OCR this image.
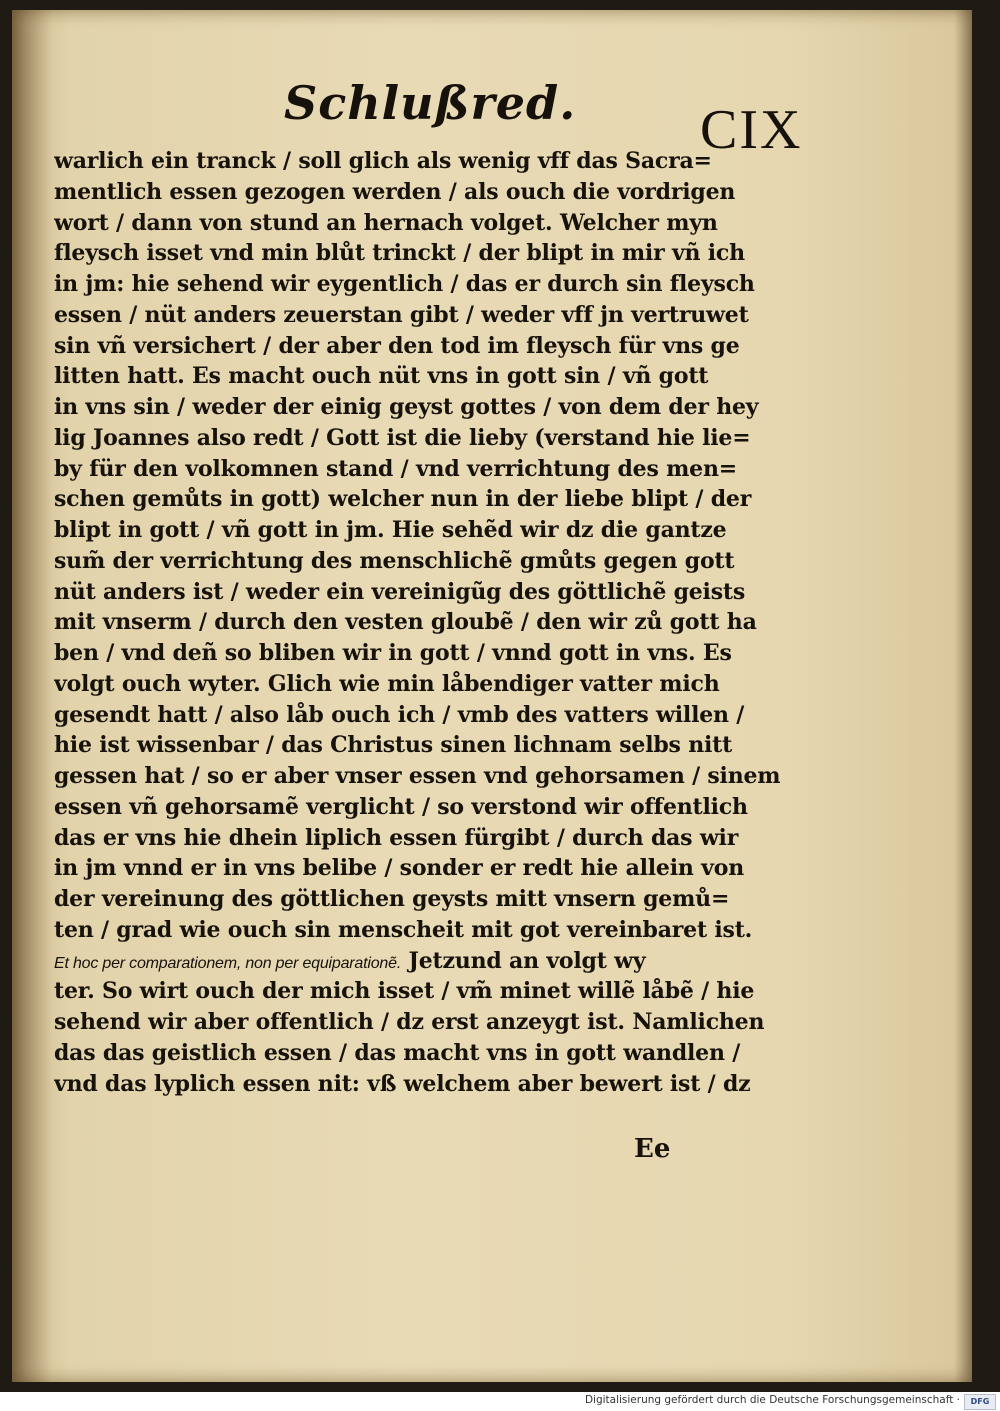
Schlußred. CIX
warlich ein tranck / soll glich als wenig vff das Sacra=
mentlich essen gezogen werden / als ouch die vordrigen
wort / dann von stund an hernach volget. Welcher myn
fleysch isset vnd min blůt trinckt / der blipt in mir vñ ich
in jm: hie sehend wir eygentlich / das er durch sin fleysch
essen / nüt anders zeuerstan gibt / weder vff jn vertruwet
sin vñ versichert / der aber den tod im fleysch für vns ge
litten hatt. Es macht ouch nüt vns in gott sin / vñ gott
in vns sin / weder der einig geyst gottes / von dem der hey
lig Joannes also redt / Gott ist die lieby (verstand hie lie=
by für den volkomnen stand / vnd verrichtung des men=
schen gemůts in gott) welcher nun in der liebe blipt / der
blipt in gott / vñ gott in jm. Hie sehẽd wir dz die gantze
sum̃ der verrichtung des menschlichẽ gmůts gegen gott
nüt anders ist / weder ein vereinigũg des göttlichẽ geists
mit vnserm / durch den vesten gloubẽ / den wir zů gott ha
ben / vnd deñ so bliben wir in gott / vnnd gott in vns. Es
volgt ouch wyter. Glich wie min låbendiger vatter mich
gesendt hatt / also låb ouch ich / vmb des vatters willen /
hie ist wissenbar / das Christus sinen lichnam selbs nitt
gessen hat / so er aber vnser essen vnd gehorsamen / sinem
essen vñ gehorsamẽ verglicht / so verstond wir offentlich
das er vns hie dhein liplich essen fürgibt / durch das wir
in jm vnnd er in vns belibe / sonder er redt hie allein von
der vereinung des göttlichen geysts mitt vnsern gemů=
ten / grad wie ouch sin menscheit mit got vereinbaret ist.
Et hoc per comparationem, non per equiparationẽ. Jetzund an volgt wy
ter. So wirt ouch der mich isset / vm̃ minet willẽ låbẽ / hie
sehend wir aber offentlich / dz erst anzeygt ist. Namlichen
das das geistlich essen / das macht vns in gott wandlen /
vnd das lyplich essen nit: vß welchem aber bewert ist / dz
Ee
Digitalisierung gefördert durch die Deutsche Forschungsgemeinschaft ·	DFG
